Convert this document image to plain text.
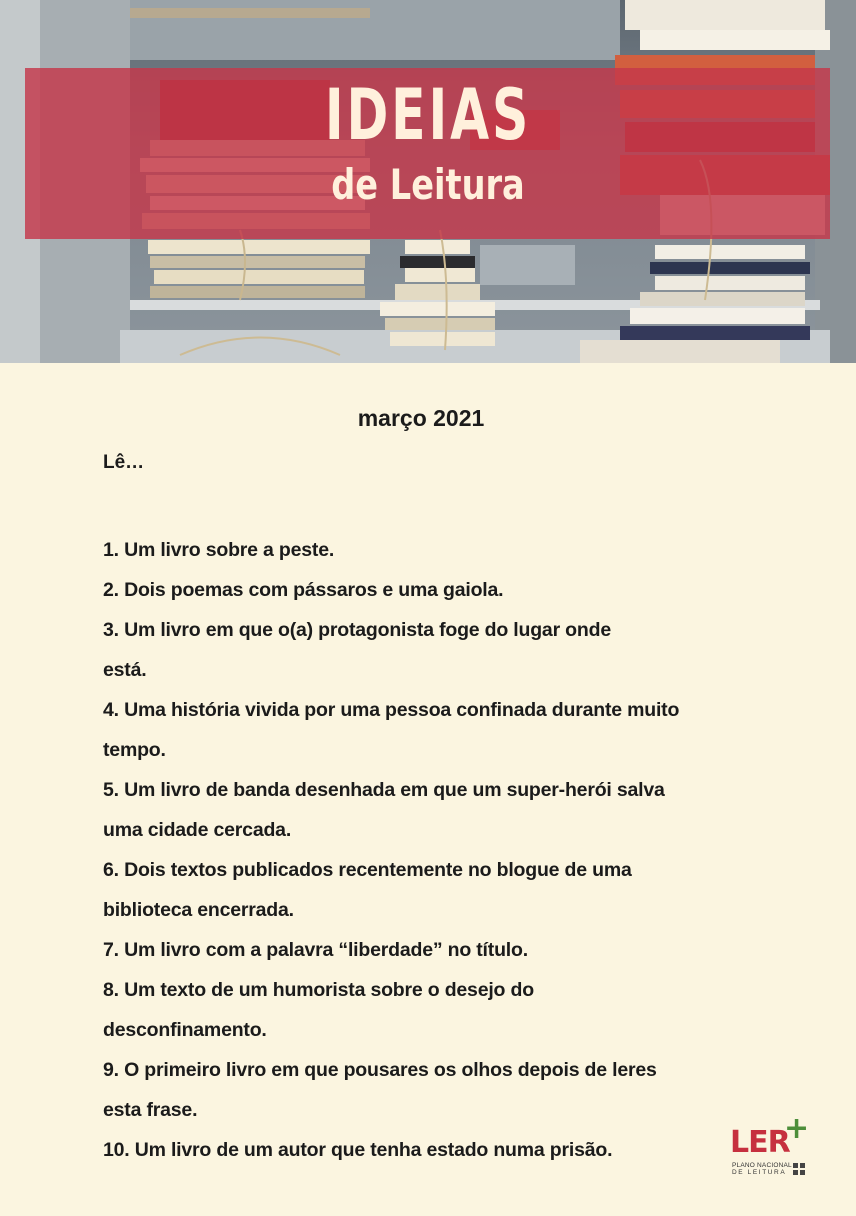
IDEIAS
de Leitura
março 2021
Lê…
1. Um livro sobre a peste.
2. Dois poemas com pássaros e uma gaiola.
3. Um livro em que o(a) protagonista foge do lugar onde
está.
4. Uma história vivida por uma pessoa confinada durante muito
tempo.
5. Um livro de banda desenhada em que um super-herói salva
uma cidade cercada.
6. Dois textos publicados recentemente no blogue de uma
biblioteca encerrada.
7. Um livro com a palavra “liberdade” no título.
8. Um texto de um humorista sobre o desejo do
desconfinamento.
9. O primeiro livro em que pousares os olhos depois de leres
esta frase.
10. Um livro de um autor que tenha estado numa prisão.	LER
+
PLANO NACIONAL
DE LEITURA
